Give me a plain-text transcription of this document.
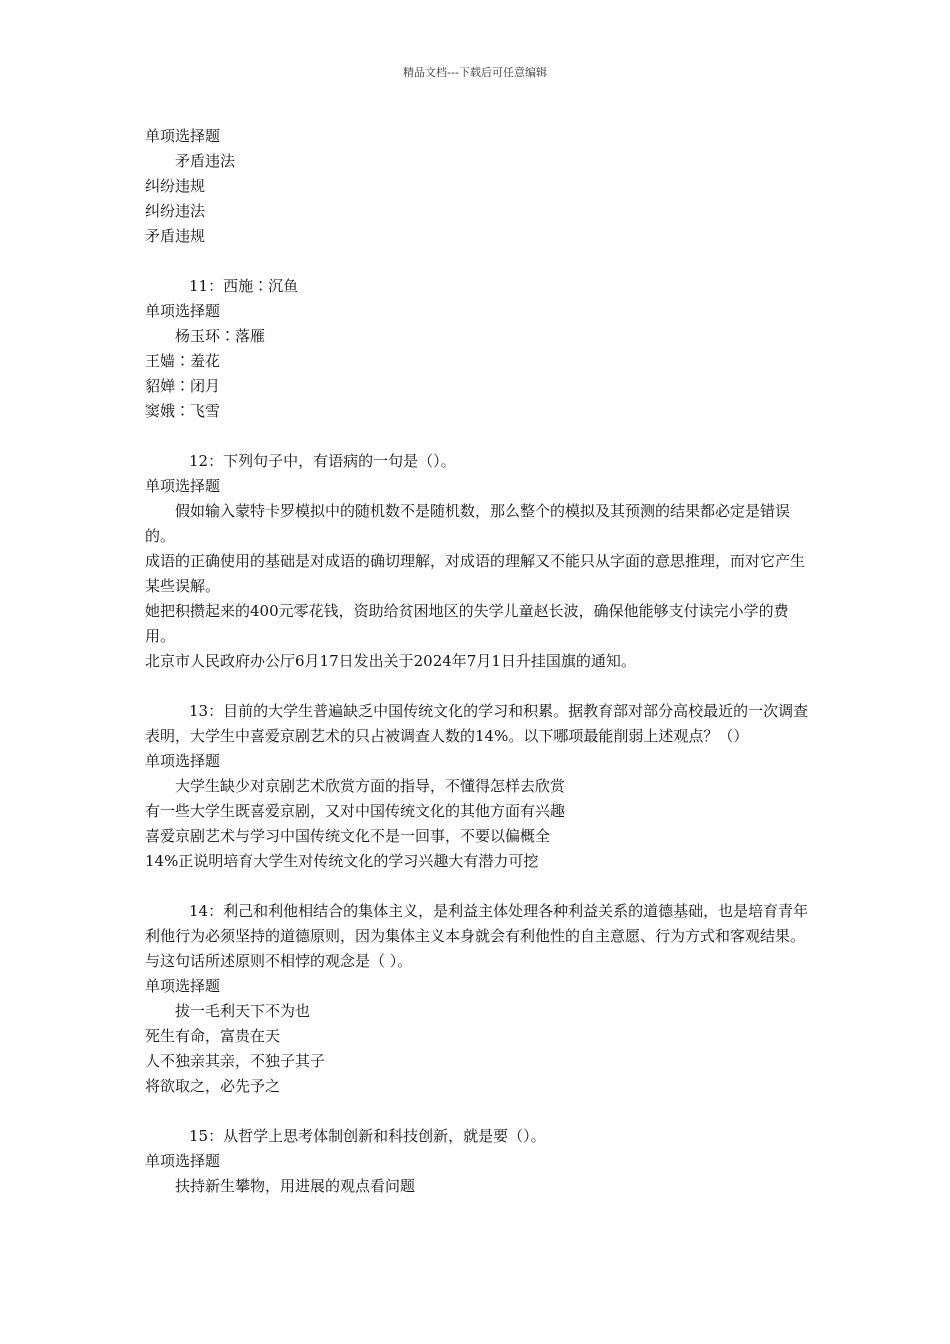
精品文档---下载后可任意编辑

单项选择题

矛盾违法

纠纷违规

纠纷违法

矛盾违规

11：西施∶沉鱼

单项选择题

杨玉环∶落雁

王嫱∶羞花

貂婵∶闭月

窦娥∶飞雪

12：下列句子中，有语病的一句是（）。

单项选择题

假如输入蒙特卡罗模拟中的随机数不是随机数，那么整个的模拟及其预测的结果都必定是错误的。

成语的正确使用的基础是对成语的确切理解，对成语的理解又不能只从字面的意思推理，而对它产生某些误解。

她把积攒起来的400元零花钱，资助给贫困地区的失学儿童赵长波，确保他能够支付读完小学的费用。

北京市人民政府办公厅6月17日发出关于2024年7月1日升挂国旗的通知。

13：目前的大学生普遍缺乏中国传统文化的学习和积累。据教育部对部分高校最近的一次调查表明，大学生中喜爱京剧艺术的只占被调查人数的14%。以下哪项最能削弱上述观点？（）

单项选择题

大学生缺少对京剧艺术欣赏方面的指导，不懂得怎样去欣赏

有一些大学生既喜爱京剧，又对中国传统文化的其他方面有兴趣

喜爱京剧艺术与学习中国传统文化不是一回事，不要以偏概全

14%正说明培育大学生对传统文化的学习兴趣大有潜力可挖

14：利己和利他相结合的集体主义，是利益主体处理各种利益关系的道德基础，也是培育青年利他行为必须坚持的道德原则，因为集体主义本身就会有利他性的自主意愿、行为方式和客观结果。与这句话所述原则不相悖的观念是（ ）。

单项选择题

拔一毛利天下不为也

死生有命，富贵在天

人不独亲其亲，不独子其子

将欲取之，必先予之

15：从哲学上思考体制创新和科技创新，就是要（）。

单项选择题

扶持新生攀物，用进展的观点看问题
